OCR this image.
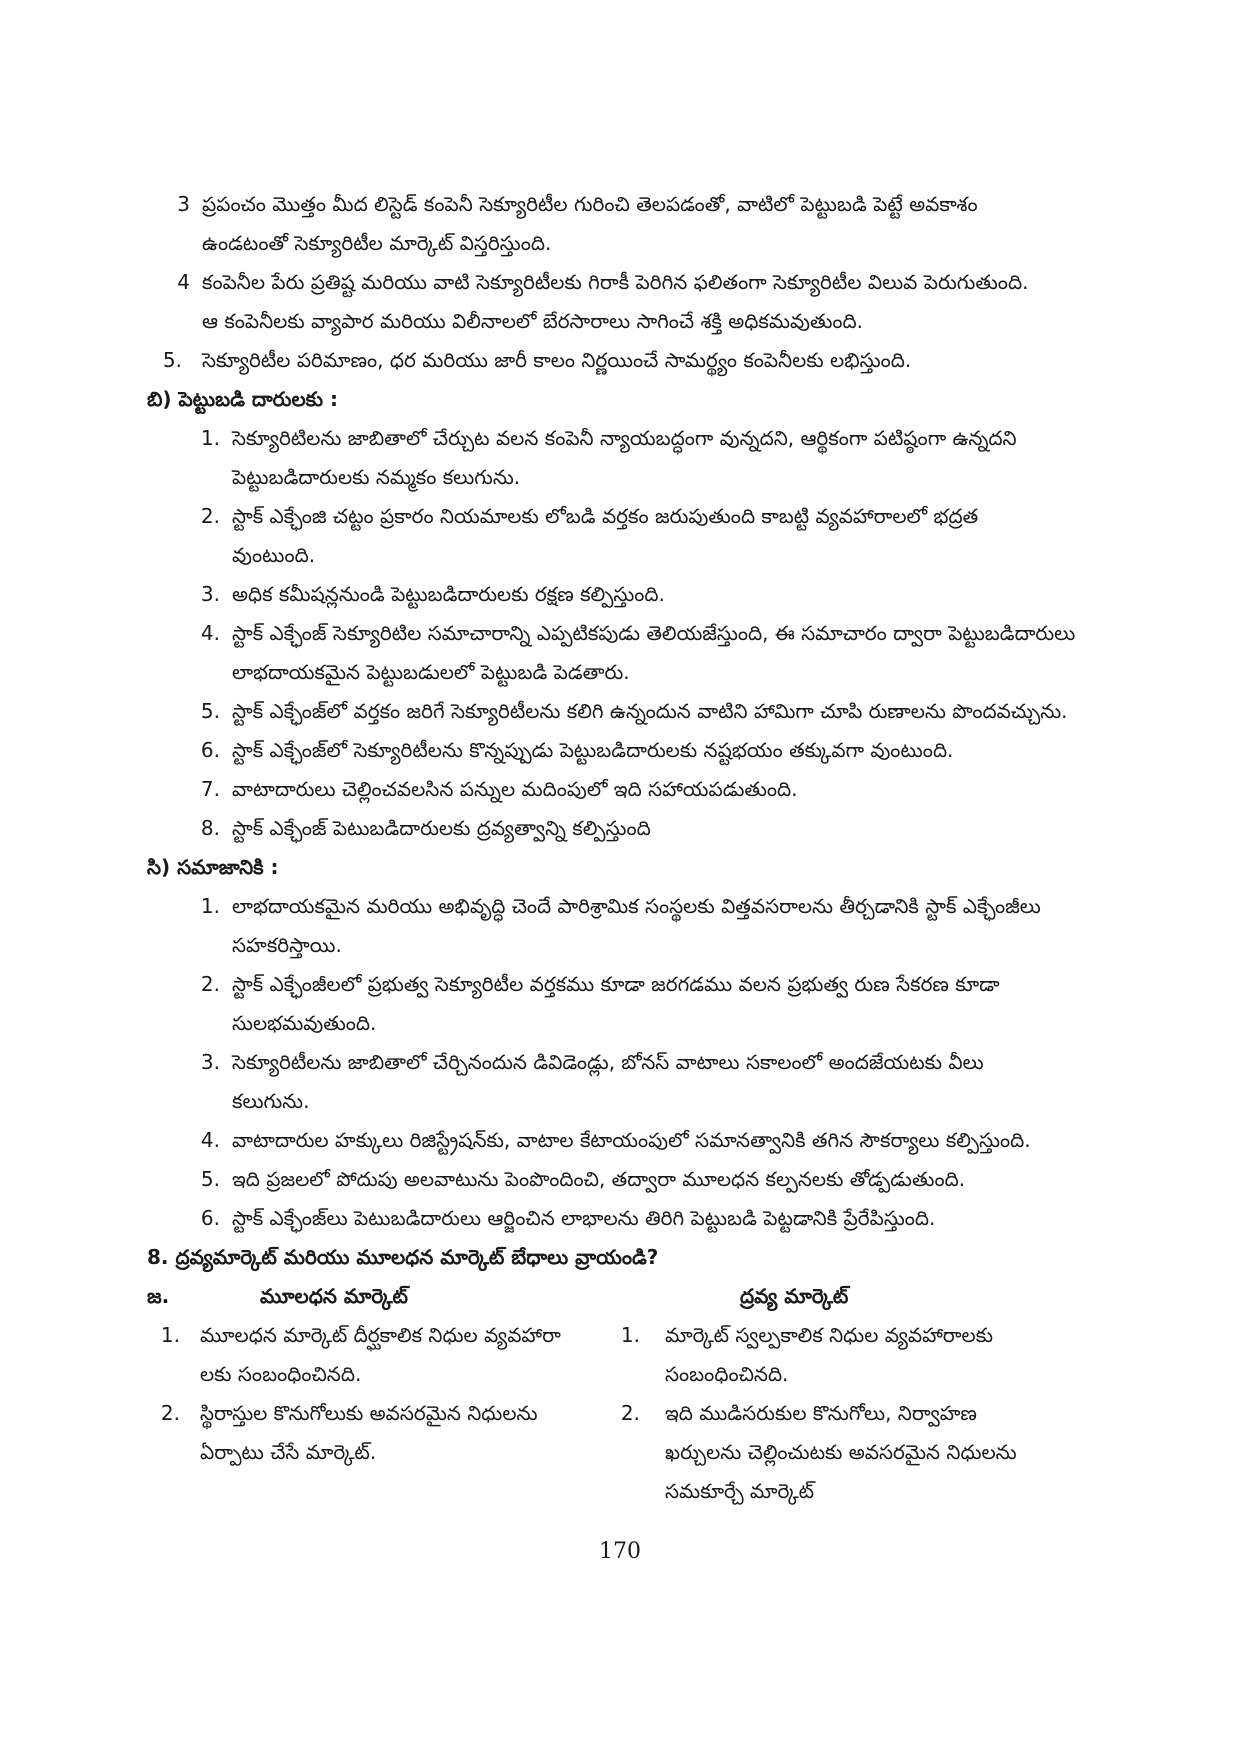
3 ప్రపంచం మొత్తం మీద లిస్టెడ్ కంపెనీ సెక్యూరిటీల గురించి తెలపడంతో, వాటిలో పెట్టుబడి పెట్టే అవకాశం
ఉండటంతో సెక్యూరిటీల మార్కెట్ విస్తరిస్తుంది.
4 కంపెనీల పేరు ప్రతిష్ట మరియు వాటి సెక్యూరిటీలకు గిరాకీ పెరిగిన ఫలితంగా సెక్యూరిటీల విలువ పెరుగుతుంది.
ఆ కంపెనీలకు వ్యాపార మరియు విలీనాలలో బేరసారాలు సాగించే శక్తి అధికమవుతుంది.
5. సెక్యూరిటీల పరిమాణం, ధర మరియు జారీ కాలం నిర్ణయించే సామర్థ్యం కంపెనీలకు లభిస్తుంది.
బి) పెట్టుబడి దారులకు :
1. సెక్యూరిటిలను జాబితాలో చేర్చుట వలన కంపెనీ న్యాయబద్ధంగా వున్నదని, ఆర్థికంగా పటిష్ఠంగా ఉన్నదని
పెట్టుబడిదారులకు నమ్మకం కలుగును.
2. స్టాక్ ఎక్ఛేంజి చట్టం ప్రకారం నియమాలకు లోబడి వర్తకం జరుపుతుంది కాబట్టి వ్యవహారాలలో భద్రత
వుంటుంది.
3. అధిక కమీషన్లనుండి పెట్టుబడిదారులకు రక్షణ కల్పిస్తుంది.
4. స్టాక్ ఎక్ఛేంజ్ సెక్యూరిటిల సమాచారాన్ని ఎప్పటికపుడు తెలియజేస్తుంది, ఈ సమాచారం ద్వారా పెట్టుబడిదారులు
లాభదాయకమైన పెట్టుబడులలో పెట్టుబడి పెడతారు.
5. స్టాక్ ఎక్ఛేంజ్‌లో వర్తకం జరిగే సెక్యూరిటీలను కలిగి ఉన్నందున వాటిని హామిగా చూపి రుణాలను పొందవచ్చును.
6. స్టాక్ ఎక్ఛేంజ్‌లో సెక్యూరిటీలను కొన్నప్పుడు పెట్టుబడిదారులకు నష్టభయం తక్కువగా వుంటుంది.
7. వాటాదారులు చెల్లించవలసిన పన్నుల మదింపులో ఇది సహాయపడుతుంది.
8. స్టాక్ ఎక్ఛేంజ్ పెటుబడిదారులకు ద్రవ్యత్వాన్ని కల్పిస్తుంది
సి) సమాజానికి :
1. లాభదాయకమైన మరియు అభివృద్ధి చెందే పారిశ్రామిక సంస్థలకు విత్తవసరాలను తీర్చడానికి స్టాక్ ఎక్ఛేంజీలు
సహకరిస్తాయి.
2. స్టాక్ ఎక్ఛేంజీలలో ప్రభుత్వ సెక్యూరిటీల వర్తకము కూడా జరగడము వలన ప్రభుత్వ రుణ సేకరణ కూడా
సులభమవుతుంది.
3. సెక్యూరిటీలను జాబితాలో చేర్చినందున డివిడెండ్లు, బోనస్ వాటాలు సకాలంలో అందజేయటకు వీలు
కలుగును.
4. వాటాదారుల హక్కులు రిజిస్ట్రేషన్‌కు, వాటాల కేటాయంపులో సమానత్వానికి తగిన సౌకర్యాలు కల్పిస్తుంది.
5. ఇది ప్రజలలో పోదుపు అలవాటును పెంపొందించి, తద్వారా మూలధన కల్పనలకు తోడ్పడుతుంది.
6. స్టాక్ ఎక్ఛేంజ్‌లు పెటుబడిదారులు ఆర్జించిన లాభాలను తిరిగి పెట్టుబడి పెట్టడానికి ప్రేరేపిస్తుంది.
8. ద్రవ్యమార్కెట్ మరియు మూలధన మార్కెట్ బేధాలు వ్రాయండి?
జ.	మూలధన మార్కెట్	ద్రవ్య మార్కెట్
1. మూలధన మార్కెట్ దీర్ఘకాలిక నిధుల వ్యవహారా
లకు సంబంధించినది.
2. స్థిరాస్తుల కొనుగోలుకు అవసరమైన నిధులను
ఏర్పాటు చేసే మార్కెట్.
1. మార్కెట్ స్వల్పకాలిక నిధుల వ్యవహారాలకు
సంబంధించినది.
2. ఇది ముడిసరుకుల కొనుగోలు, నిర్వాహణ
ఖర్చులను చెల్లించుటకు అవసరమైన నిధులను
సమకూర్చే మార్కెట్
170
